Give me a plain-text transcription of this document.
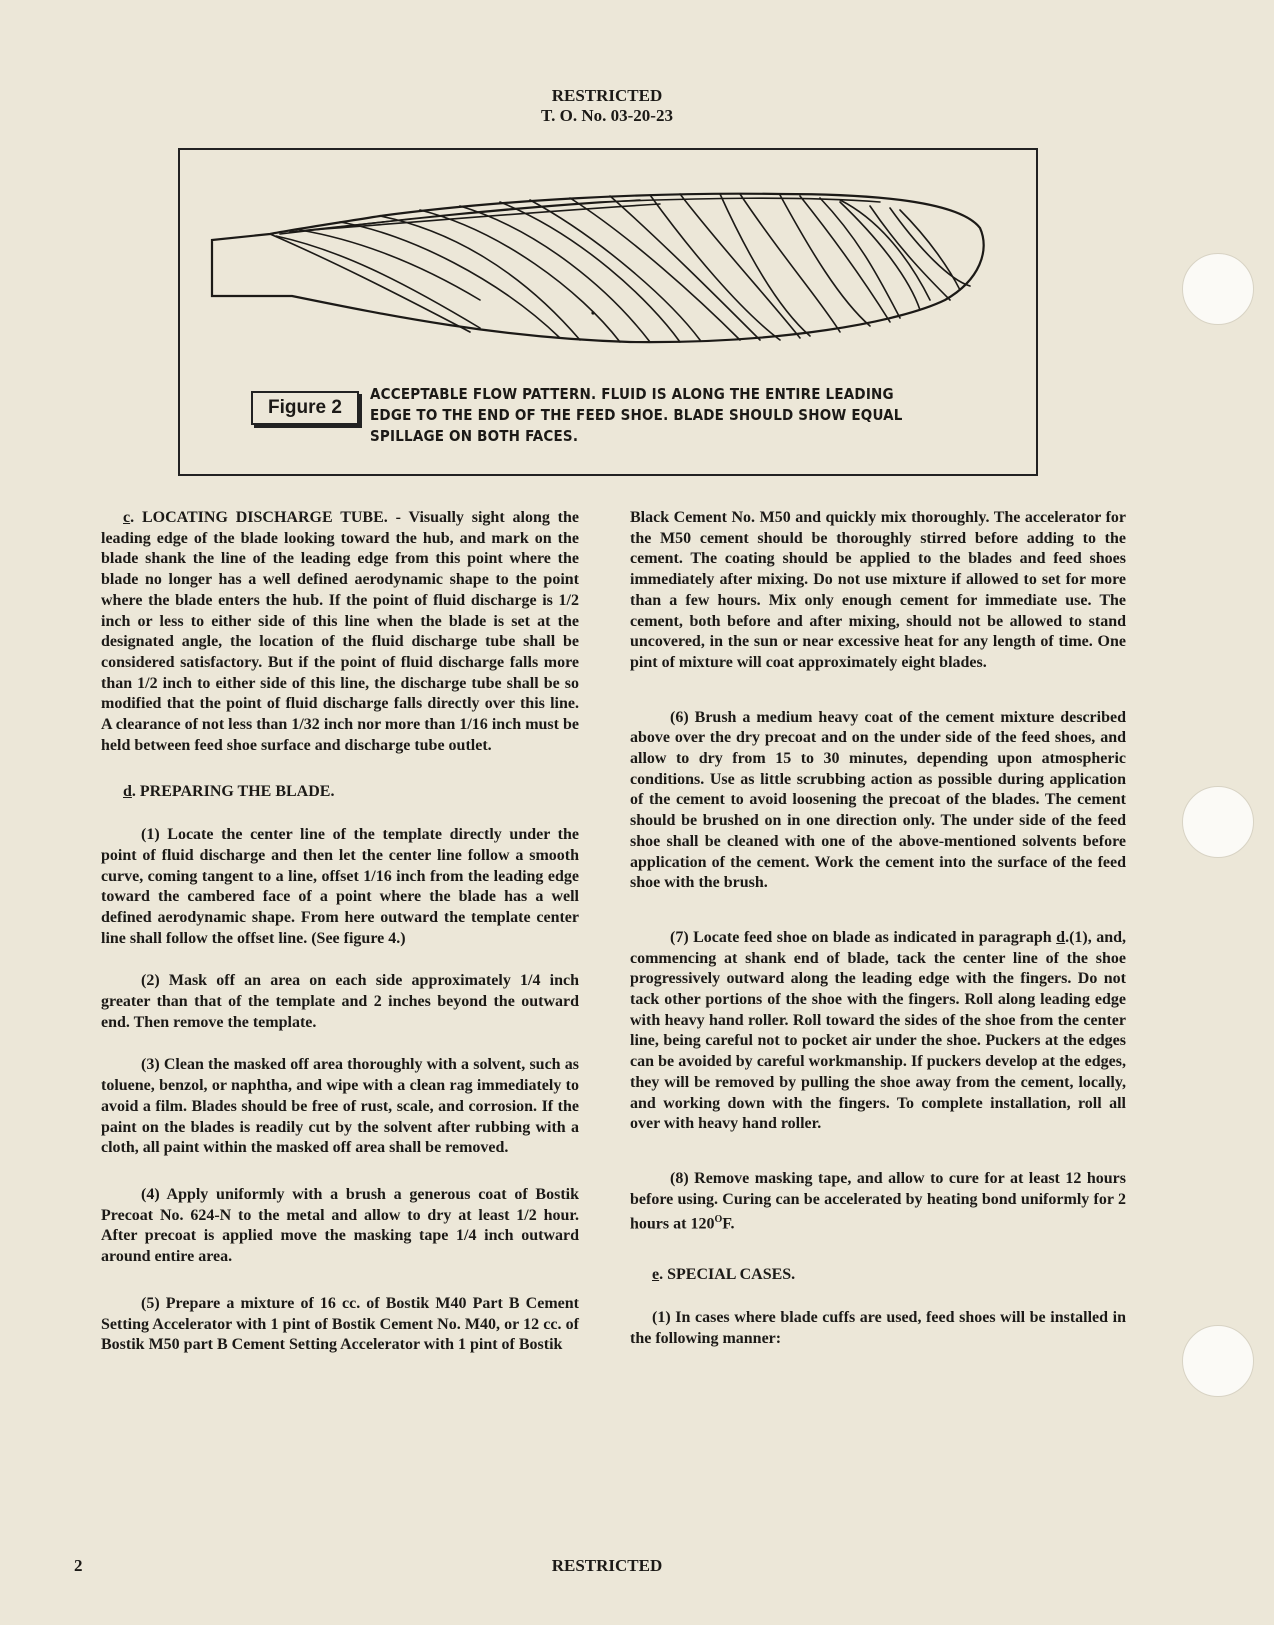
RESTRICTED
T. O. No. 03-20-23
Figure 2
ACCEPTABLE FLOW PATTERN. FLUID IS ALONG THE ENTIRE LEADING
EDGE TO THE END OF THE FEED SHOE. BLADE SHOULD SHOW EQUAL
SPILLAGE ON BOTH FACES.

c. LOCATING DISCHARGE TUBE. - Visually sight along the leading edge of the blade looking toward the hub, and mark on the blade shank the line of the leading edge from this point where the blade no longer has a well defined aerodynamic shape to the point where the blade enters the hub. If the point of fluid discharge is 1/2 inch or less to either side of this line when the blade is set at the designated angle, the location of the fluid discharge tube shall be considered satisfactory. But if the point of fluid discharge falls more than 1/2 inch to either side of this line, the discharge tube shall be so modified that the point of fluid discharge falls directly over this line. A clearance of not less than 1/32 inch nor more than 1/16 inch must be held between feed shoe surface and discharge tube outlet.

d. PREPARING THE BLADE.

(1) Locate the center line of the template directly under the point of fluid discharge and then let the center line follow a smooth curve, coming tangent to a line, offset 1/16 inch from the leading edge toward the cambered face of a point where the blade has a well defined aerodynamic shape. From here outward the template center line shall follow the offset line. (See figure 4.)

(2) Mask off an area on each side approximately 1/4 inch greater than that of the template and 2 inches beyond the outward end. Then remove the template.

(3) Clean the masked off area thoroughly with a solvent, such as toluene, benzol, or naphtha, and wipe with a clean rag immediately to avoid a film. Blades should be free of rust, scale, and corrosion. If the paint on the blades is readily cut by the solvent after rubbing with a cloth, all paint within the masked off area shall be removed.

(4) Apply uniformly with a brush a generous coat of Bostik Precoat No. 624-N to the metal and allow to dry at least 1/2 hour. After precoat is applied move the masking tape 1/4 inch outward around entire area.

(5) Prepare a mixture of 16 cc. of Bostik M40 Part B Cement Setting Accelerator with 1 pint of Bostik Cement No. M40, or 12 cc. of Bostik M50 part B Cement Setting Accelerator with 1 pint of Bostik

Black Cement No. M50 and quickly mix thoroughly. The accelerator for the M50 cement should be thoroughly stirred before adding to the cement. The coating should be applied to the blades and feed shoes immediately after mixing. Do not use mixture if allowed to set for more than a few hours. Mix only enough cement for immediate use. The cement, both before and after mixing, should not be allowed to stand uncovered, in the sun or near excessive heat for any length of time. One pint of mixture will coat approximately eight blades.

(6) Brush a medium heavy coat of the cement mixture described above over the dry precoat and on the under side of the feed shoes, and allow to dry from 15 to 30 minutes, depending upon atmospheric conditions. Use as little scrubbing action as possible during application of the cement to avoid loosening the precoat of the blades. The cement should be brushed on in one direction only. The under side of the feed shoe shall be cleaned with one of the above-mentioned solvents before application of the cement. Work the cement into the surface of the feed shoe with the brush.

(7) Locate feed shoe on blade as indicated in paragraph d.(1), and, commencing at shank end of blade, tack the center line of the shoe progressively outward along the leading edge with the fingers. Do not tack other portions of the shoe with the fingers. Roll along leading edge with heavy hand roller. Roll toward the sides of the shoe from the center line, being careful not to pocket air under the shoe. Puckers at the edges can be avoided by careful workmanship. If puckers develop at the edges, they will be removed by pulling the shoe away from the cement, locally, and working down with the fingers. To complete installation, roll all over with heavy hand roller.

(8) Remove masking tape, and allow to cure for at least 12 hours before using. Curing can be accelerated by heating bond uniformly for 2 hours at $120^OF$.

e. SPECIAL CASES.

(1) In cases where blade cuffs are used, feed shoes will be installed in the following manner:

2	RESTRICTED
